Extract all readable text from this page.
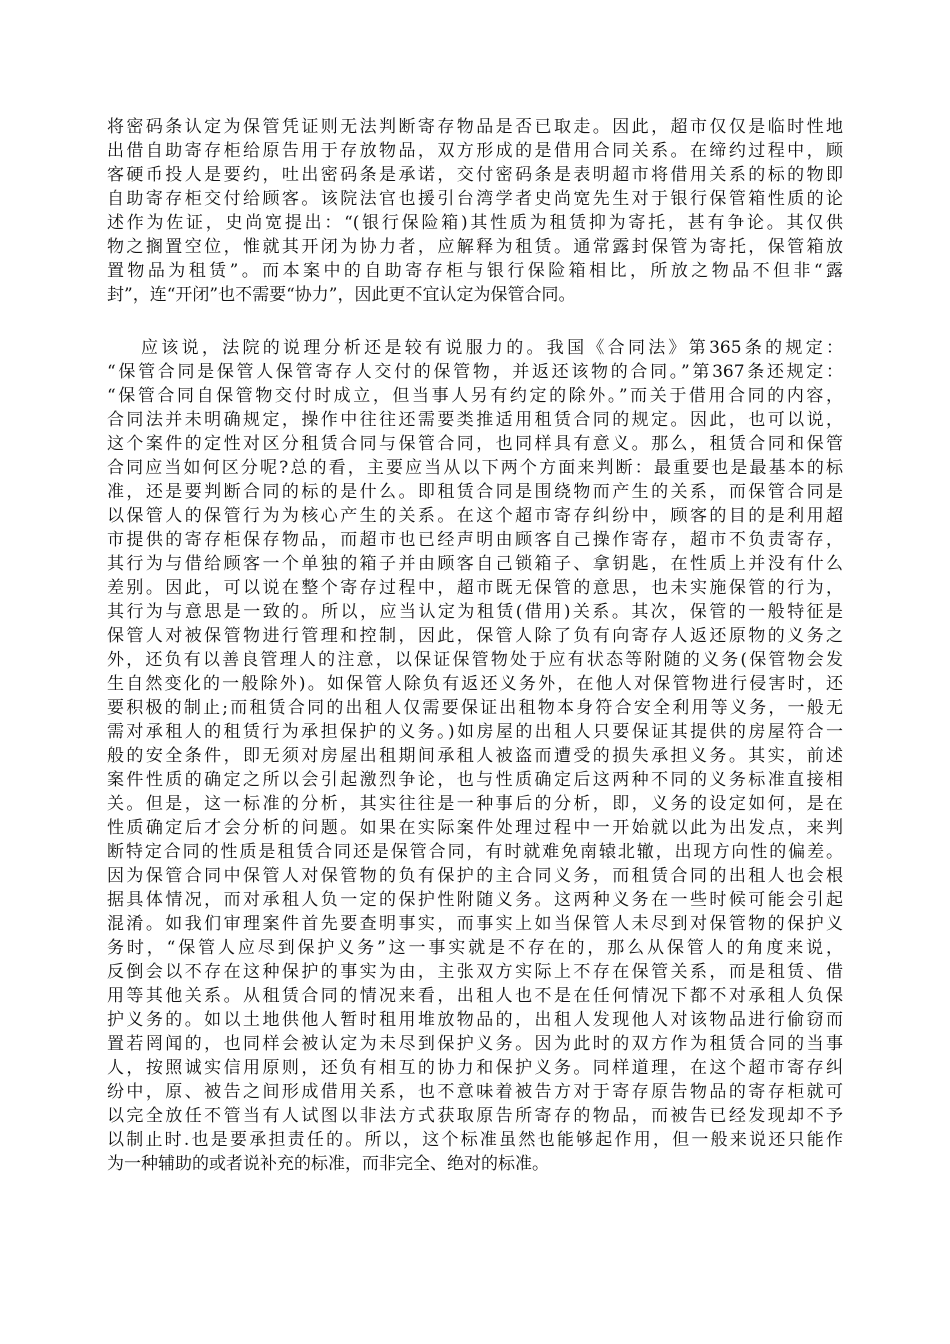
将密码条认定为保管凭证则无法判断寄存物品是否已取走。因此，超市仅仅是临时性地
出借自助寄存柜给原告用于存放物品，双方形成的是借用合同关系。在缔约过程中，顾
客硬币投人是要约，吐出密码条是承诺，交付密码条是表明超市将借用关系的标的物即
自助寄存柜交付给顾客。该院法官也援引台湾学者史尚宽先生对于银行保管箱性质的论
述作为佐证，史尚宽提出：“(银行保险箱)其性质为租赁抑为寄托，甚有争论。其仅供
物之搁置空位，惟就其开闭为协力者，应解释为租赁。通常露封保管为寄托，保管箱放
置物品为租赁”。而本案中的自助寄存柜与银行保险箱相比，所放之物品不但非“露
封”，连“开闭”也不需要“协力”，因此更不宜认定为保管合同。
应该说，法院的说理分析还是较有说服力的。我国《合同法》第365条的规定：
“保管合同是保管人保管寄存人交付的保管物，并返还该物的合同。”第367条还规定：
“保管合同自保管物交付时成立，但当事人另有约定的除外。”而关于借用合同的内容，
合同法并未明确规定，操作中往往还需要类推适用租赁合同的规定。因此，也可以说，
这个案件的定性对区分租赁合同与保管合同，也同样具有意义。那么，租赁合同和保管
合同应当如何区分呢?总的看，主要应当从以下两个方面来判断：最重要也是最基本的标
准，还是要判断合同的标的是什么。即租赁合同是围绕物而产生的关系，而保管合同是
以保管人的保管行为为核心产生的关系。在这个超市寄存纠纷中，顾客的目的是利用超
市提供的寄存柜保存物品，而超市也已经声明由顾客自己操作寄存，超市不负责寄存，
其行为与借给顾客一个单独的箱子并由顾客自己锁箱子、拿钥匙，在性质上并没有什么
差别。因此，可以说在整个寄存过程中，超市既无保管的意思，也未实施保管的行为，
其行为与意思是一致的。所以，应当认定为租赁(借用)关系。其次，保管的一般特征是
保管人对被保管物进行管理和控制，因此，保管人除了负有向寄存人返还原物的义务之
外，还负有以善良管理人的注意，以保证保管物处于应有状态等附随的义务(保管物会发
生自然变化的一般除外)。如保管人除负有返还义务外，在他人对保管物进行侵害时，还
要积极的制止;而租赁合同的出租人仅需要保证出租物本身符合安全利用等义务，一般无
需对承租人的租赁行为承担保护的义务。)如房屋的出租人只要保证其提供的房屋符合一
般的安全条件，即无须对房屋出租期间承租人被盗而遭受的损失承担义务。其实，前述
案件性质的确定之所以会引起激烈争论，也与性质确定后这两种不同的义务标准直接相
关。但是，这一标准的分析，其实往往是一种事后的分析，即，义务的设定如何，是在
性质确定后才会分析的问题。如果在实际案件处理过程中一开始就以此为出发点，来判
断特定合同的性质是租赁合同还是保管合同，有时就难免南辕北辙，出现方向性的偏差。
因为保管合同中保管人对保管物的负有保护的主合同义务，而租赁合同的出租人也会根
据具体情况，而对承租人负一定的保护性附随义务。这两种义务在一些时候可能会引起
混淆。如我们审理案件首先要查明事实，而事实上如当保管人未尽到对保管物的保护义
务时，“保管人应尽到保护义务”这一事实就是不存在的，那么从保管人的角度来说，
反倒会以不存在这种保护的事实为由，主张双方实际上不存在保管关系，而是租赁、借
用等其他关系。从租赁合同的情况来看，出租人也不是在任何情况下都不对承租人负保
护义务的。如以土地供他人暂时租用堆放物品的，出租人发现他人对该物品进行偷窃而
置若罔闻的，也同样会被认定为未尽到保护义务。因为此时的双方作为租赁合同的当事
人，按照诚实信用原则，还负有相互的协力和保护义务。同样道理，在这个超市寄存纠
纷中，原、被告之间形成借用关系，也不意味着被告方对于寄存原告物品的寄存柜就可
以完全放任不管当有人试图以非法方式获取原告所寄存的物品，而被告已经发现却不予
以制止时.也是要承担责任的。所以，这个标准虽然也能够起作用，但一般来说还只能作
为一种辅助的或者说补充的标准，而非完全、绝对的标准。
